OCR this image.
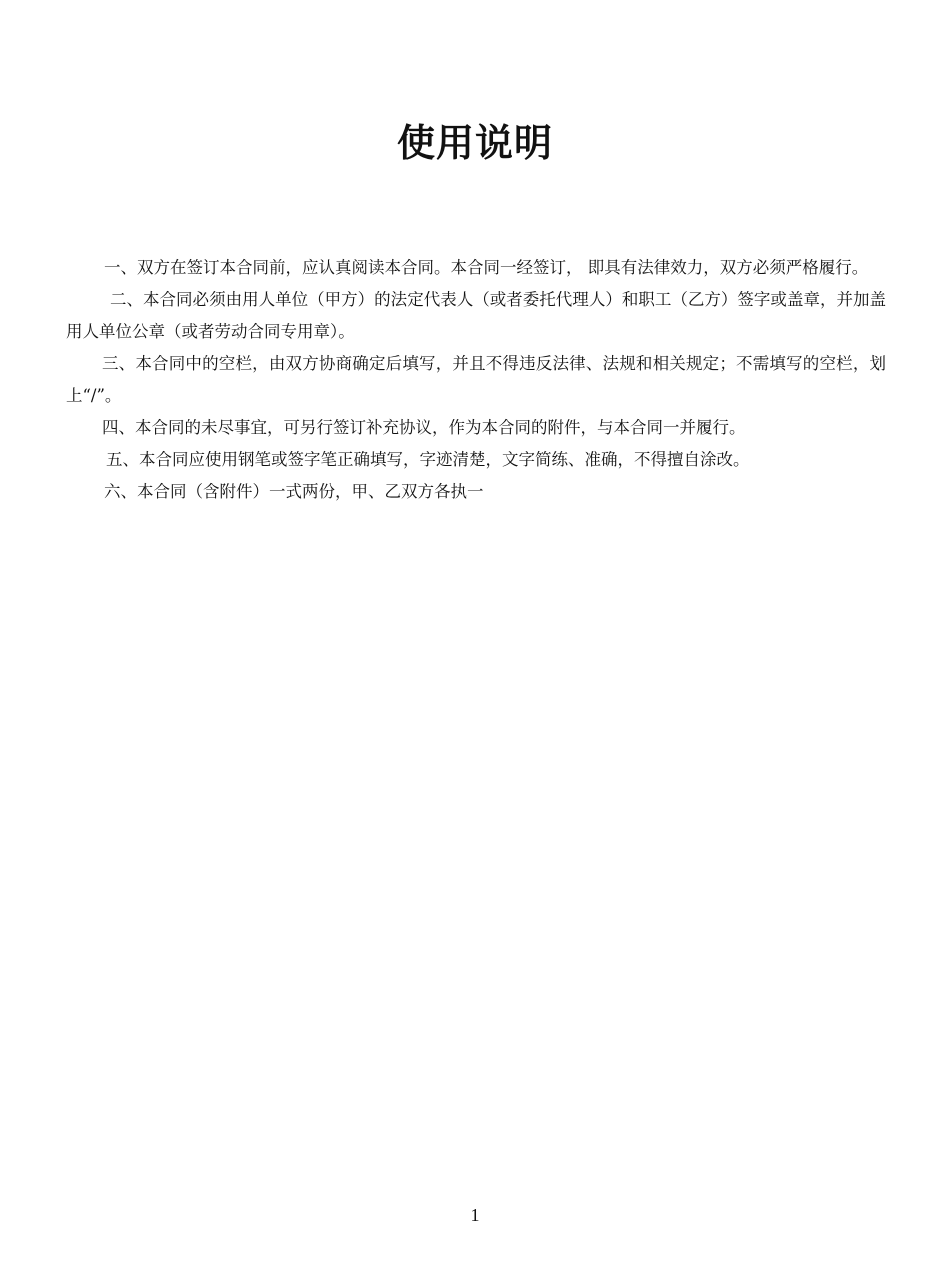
使用说明

一、双方在签订本合同前，应认真阅读本合同。本合同一经签订， 即具有法律效力，双方必须严格履行。

二、本合同必须由用人单位（甲方）的法定代表人（或者委托代理人）和职工（乙方）签字或盖章，并加盖用人单位公章（或者劳动合同专用章）。

三、本合同中的空栏，由双方协商确定后填写，并且不得违反法律、法规和相关规定；不需填写的空栏，划上“/”。

四、本合同的未尽事宜，可另行签订补充协议，作为本合同的附件，与本合同一并履行。

五、本合同应使用钢笔或签字笔正确填写，字迹清楚，文字简练、准确，不得擅自涂改。

六、本合同（含附件）一式两份，甲、乙双方各执一

1
